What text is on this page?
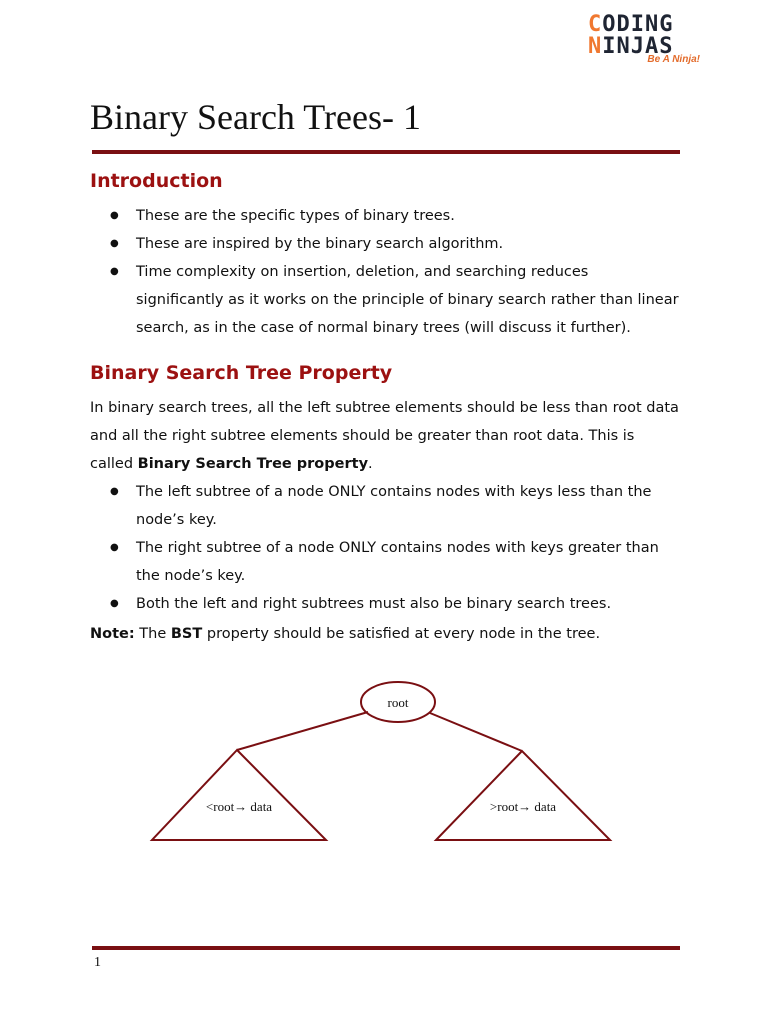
CODING
NINJAS
Be A Ninja!
Binary Search Trees- 1
Introduction
● These are the specific types of binary trees.
● These are inspired by the binary search algorithm.
● Time complexity on insertion, deletion, and searching reduces significantly as it works on the principle of binary search rather than linear search, as in the case of normal binary trees (will discuss it further).
Binary Search Tree Property

In binary search trees, all the left subtree elements should be less than root data and all the right subtree elements should be greater than root data. This is called Binary Search Tree property.

● The left subtree of a node ONLY contains nodes with keys less than the node’s key.
● The right subtree of a node ONLY contains nodes with keys greater than the node’s key.
● Both the left and right subtrees must also be binary search trees.

Note: The BST property should be satisfied at every node in the tree.

root
<root→ data	>root→ data
1
